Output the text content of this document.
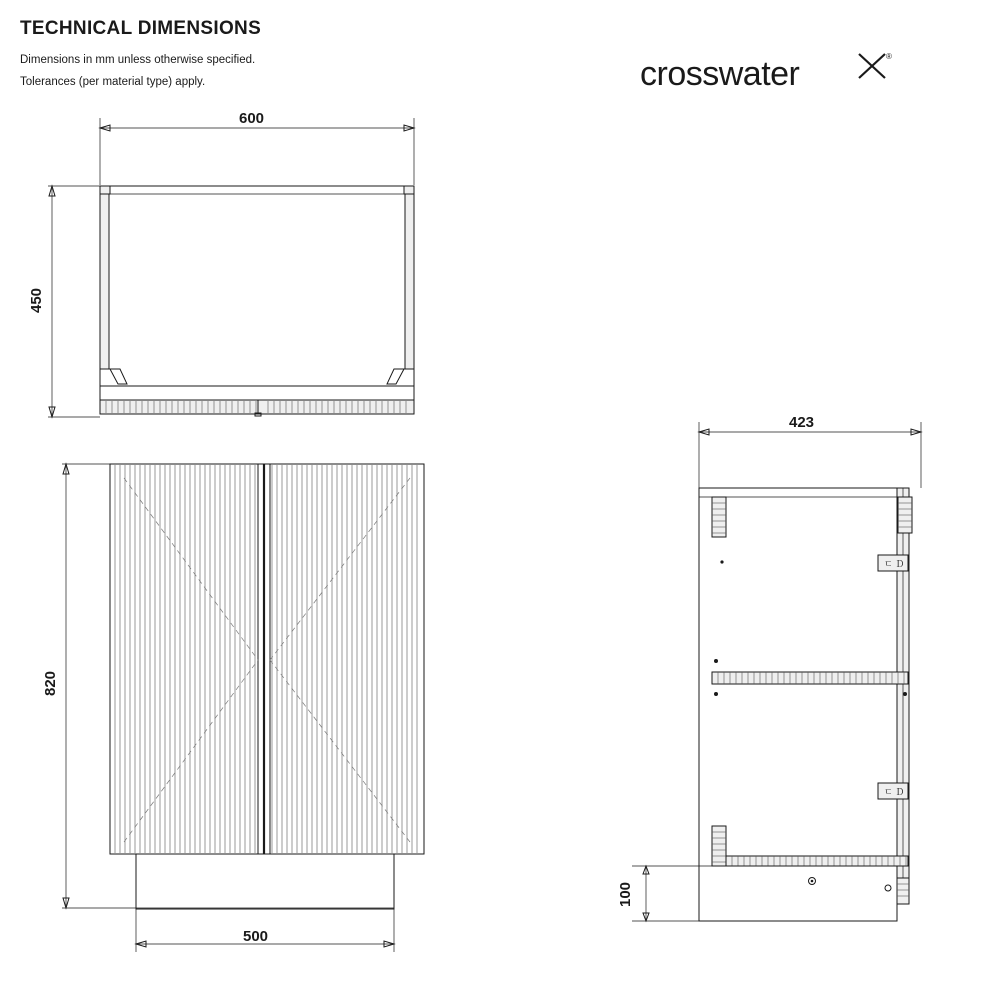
TECHNICAL DIMENSIONS
Dimensions in mm unless otherwise specified.
Tolerances (per material type) apply.	crosswater	®
600
450
820
500
ㄷ Ｄ
ㄷ Ｄ
423
100
